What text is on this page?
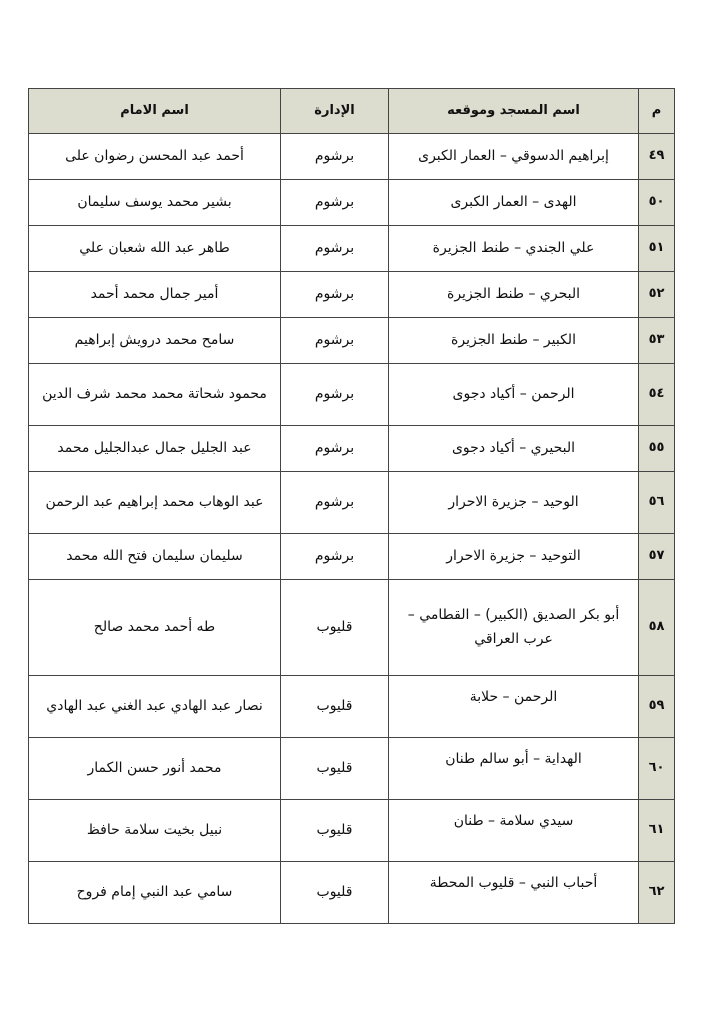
م	اسم المسجد وموقعه	الإدارة	اسم الامام
٤٩	إبراهيم الدسوقي – العمار الكبرى	برشوم	أحمد عبد المحسن رضوان على
٥٠	الهدى – العمار الكبرى	برشوم	بشير محمد يوسف سليمان
٥١	علي الجندي – طنط الجزيرة	برشوم	طاهر عبد الله شعبان علي
٥٢	البحري – طنط الجزيرة	برشوم	أمير جمال محمد أحمد
٥٣	الكبير – طنط الجزيرة	برشوم	سامح محمد درويش إبراهيم
٥٤	الرحمن – أكياد دجوى	برشوم	محمود شحاتة محمد محمد شرف الدين
٥٥	البحيري – أكياد دجوى	برشوم	عبد الجليل جمال عبدالجليل محمد
٥٦	الوحيد – جزيرة الاحرار	برشوم	عبد الوهاب محمد إبراهيم عبد الرحمن
٥٧	التوحيد – جزيرة الاحرار	برشوم	سليمان سليمان فتح الله محمد
٥٨	أبو بكر الصديق (الكبير) – القطامي – عرب العراقي	قليوب	طه أحمد محمد صالح
٥٩	الرحمن – حلابة	قليوب	نصار عبد الهادي عبد الغني عبد الهادي
٦٠	الهداية – أبو سالم طنان	قليوب	محمد أنور حسن الكمار
٦١	سيدي سلامة – طنان	قليوب	نبيل بخيت سلامة حافظ
٦٢	أحباب النبي – قليوب المحطة	قليوب	سامي عبد النبي إمام فروح
